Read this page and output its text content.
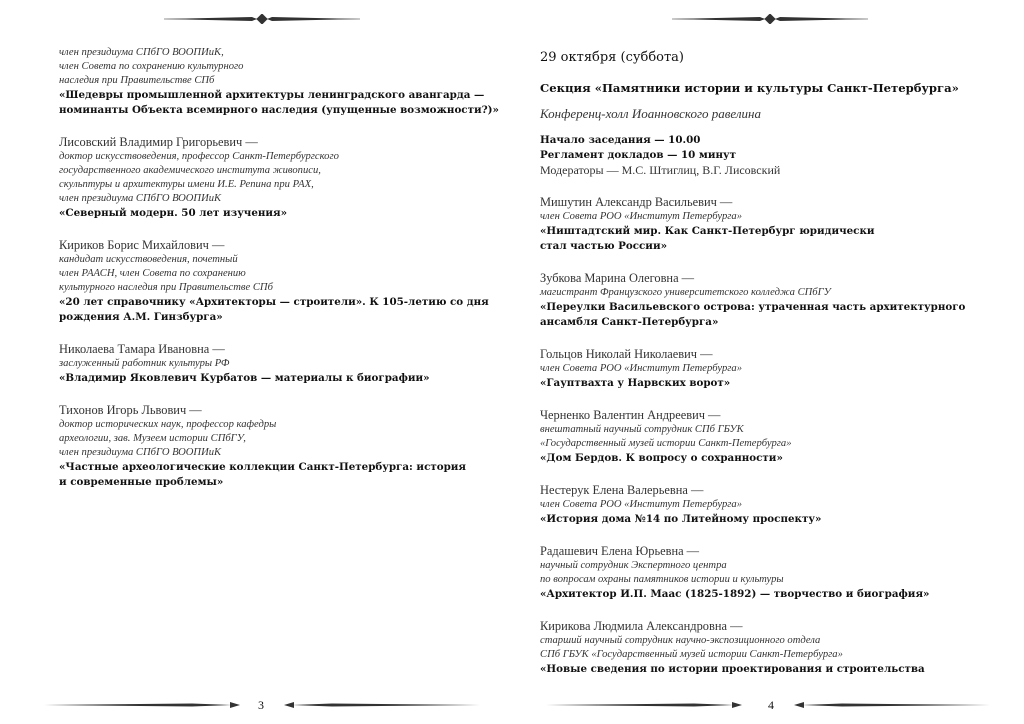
член президиума СПбГО ВООПИиК,
член Совета по сохранению культурного
наследия при Правительстве СПб
«Шедевры промышленной архитектуры ленинградского авангарда —
номинанты Объекта всемирного наследия (упущенные возможности?)»
Лисовский Владимир Григорьевич —
доктор искусствоведения, профессор Санкт-Петербургского
государственного академического института живописи,
скульптуры и архитектуры имени И.Е. Репина при РАХ,
член президиума СПбГО ВООПИиК
«Северный модерн. 50 лет изучения»
Кириков Борис Михайлович —
кандидат искусствоведения, почетный
член РААСН, член Совета по сохранению
культурного наследия при Правительстве СПб
«20 лет справочнику «Архитекторы — строители». К 105-летию со дня
рождения А.М. Гинзбурга»
Николаева Тамара Ивановна —
заслуженный работник культуры РФ
«Владимир Яковлевич Курбатов — материалы к биографии»
Тихонов Игорь Львович —
доктор исторических наук, профессор кафедры
археологии, зав. Музеем истории СПбГУ,
член президиума СПбГО ВООПИиК
«Частные археологические коллекции Санкт-Петербурга: история
и современные проблемы»
3
29 октября (суббота)
Секция «Памятники истории и культуры Санкт-Петербурга»
Конференц-холл Иоанновского равелина
Начало заседания — 10.00
Регламент докладов — 10 минут
Модераторы — М.С. Штиглиц, В.Г. Лисовский
Мишутин Александр Васильевич —
член Совета РОО «Институт Петербурга»
«Ништадтский мир. Как Санкт-Петербург юридически
стал частью России»
Зубкова Марина Олеговна —
магистрант Французского университетского колледжа СПбГУ
«Переулки Васильевского острова: утраченная часть архитектурного
ансамбля Санкт-Петербурга»
Гольцов Николай Николаевич —
член Совета РОО «Институт Петербурга»
«Гауптвахта у Нарвских ворот»
Черненко Валентин Андреевич —
внештатный научный сотрудник СПб ГБУК
«Государственный музей истории Санкт-Петербурга»
«Дом Бердов. К вопросу о сохранности»
Нестерук Елена Валерьевна —
член Совета РОО «Институт Петербурга»
«История дома №14 по Литейному проспекту»
Радашевич Елена Юрьевна —
научный сотрудник Экспертного центра
по вопросам охраны памятников истории и культуры
«Архитектор И.П. Маас (1825-1892) — творчество и биография»
Кирикова Людмила Александровна —
старший научный сотрудник научно-экспозиционного отдела
СПб ГБУК «Государственный музей истории Санкт-Петербурга»
«Новые сведения по истории проектирования и строительства
4
